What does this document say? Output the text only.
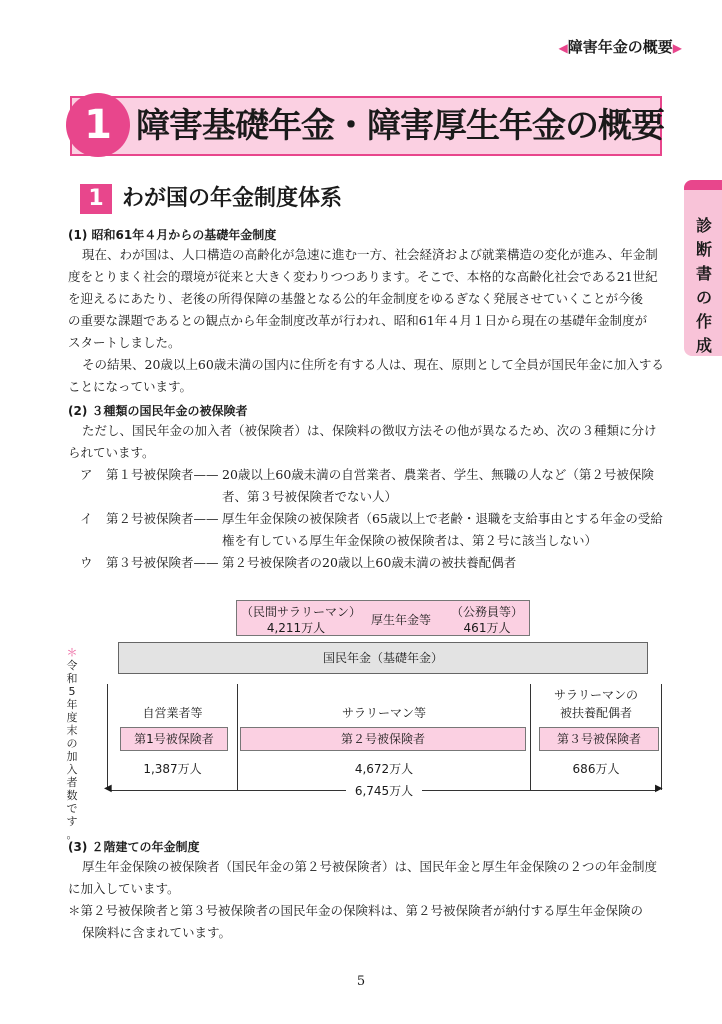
◀障害年金の概要▶
1 障害基礎年金・障害厚生年金の概要
診
断
書
の
作
成
1 わが国の年金制度体系
(1) 昭和61年４月からの基礎年金制度
現在、わが国は、人口構造の高齢化が急速に進む一方、社会経済および就業構造の変化が進み、年金制
度をとりまく社会的環境が従来と大きく変わりつつあります。そこで、本格的な高齢化社会である21世紀
を迎えるにあたり、老後の所得保障の基盤となる公的年金制度をゆるぎなく発展させていくことが今後
の重要な課題であるとの観点から年金制度改革が行われ、昭和61年４月１日から現在の基礎年金制度が
スタートしました。
その結果、20歳以上60歳未満の国内に住所を有する人は、現在、原則として全員が国民年金に加入する
ことになっています。
(2) ３種類の国民年金の被保険者
ただし、国民年金の加入者（被保険者）は、保険料の徴収方法その他が異なるため、次の３種類に分け
られています。
ア 第１号被保険者—— 20歳以上60歳未満の自営業者、農業者、学生、無職の人など（第２号被保険
者、第３号被保険者でない人）
イ 第２号被保険者—— 厚生年金保険の被保険者（65歳以上で老齢・退職を支給事由とする年金の受給
権を有している厚生年金保険の被保険者は、第２号に該当しない）
ウ 第３号被保険者—— 第２号被保険者の20歳以上60歳未満の被扶養配偶者
（民間サラリーマン）
4,211万人
厚生年金等
（公務員等）
461万人
国民年金（基礎年金）
自営業者等	サラリーマン等
サラリーマンの
被扶養配偶者
第1号被保険者	第２号被保険者	第３号被保険者
1,387万人	4,672万人	686万人
◀	▶
6,745万人
＊
令
和
5
年
度
末
の
加
入
者
数
で
す
。
(3) ２階建ての年金制度
厚生年金保険の被保険者（国民年金の第２号被保険者）は、国民年金と厚生年金保険の２つの年金制度
に加入しています。
＊第２号被保険者と第３号被保険者の国民年金の保険料は、第２号被保険者が納付する厚生年金保険の
保険料に含まれています。
5
